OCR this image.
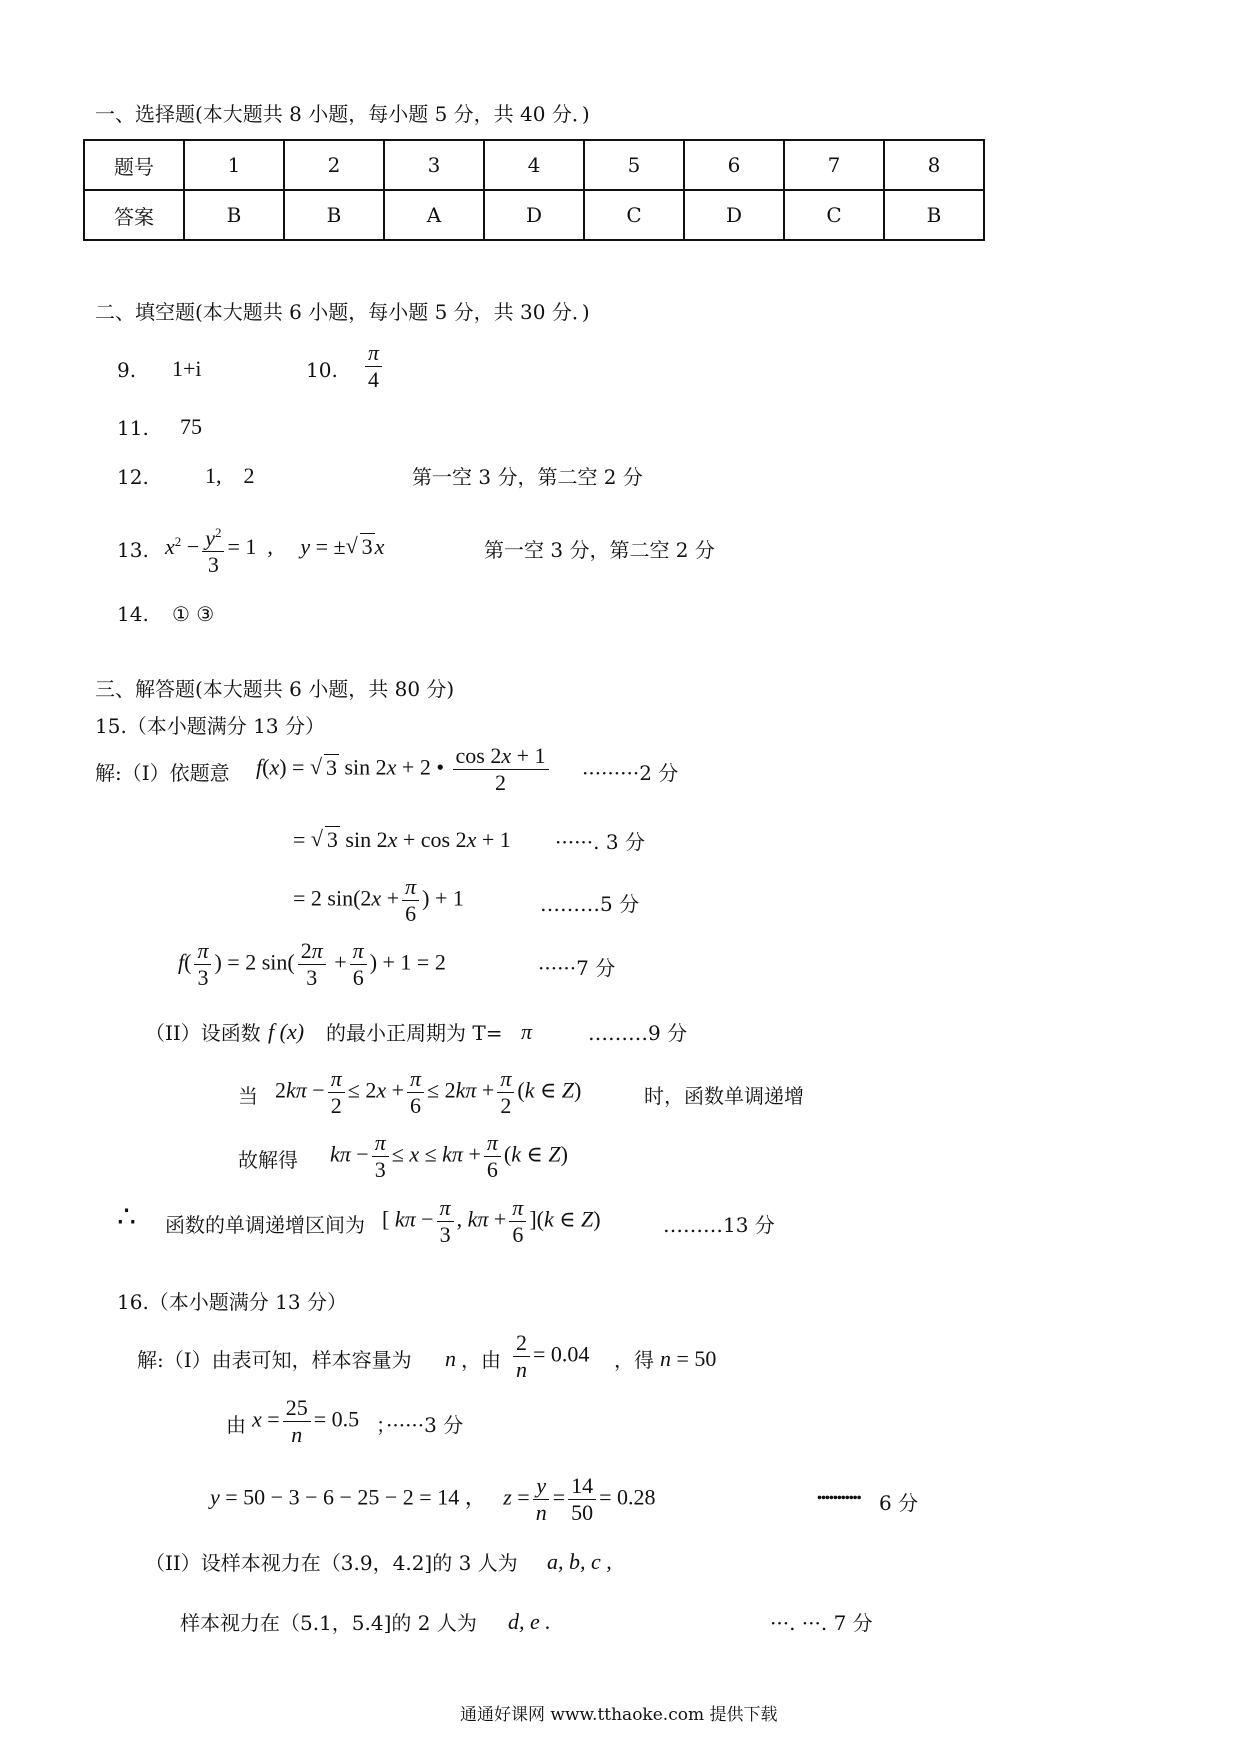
一、选择题(本大题共 8 小题，每小题 5 分，共 40 分．)
题号	1	2	3	4	5	6	7	8
答案	B	B	A	D	C	D	C	B
二、填空题(本大题共 6 小题，每小题 5 分，共 30 分．)
9. 1+i	10. $\frac{\pi}{4}$
11. 75
12.	1,　2	第一空 3 分，第二空 2 分
13. $x^2 - \frac{y^2}{3} = 1$  ,     y = ± √ 3x	第一空 3 分，第二空 2 分
14. ① ③
三、解答题(本大题共 6 小题，共 80 分)
15.（本小题满分 13 分）
解:（I）依题意 f(x) = √ 3 sin 2x + 2 • $\frac{\cos 2x + 1}{2} \cdot\cdot\cdot\cdot\cdot\cdot\cdot\cdot\cdot 2$ 分
= √ 3 sin 2x + cos 2x + 1 ······. 3 分
= 2 $\sin(2x + \frac{\pi}{6}$ ) + 1	………5 分
$f( \frac{\pi}{3}$ ) = 2 $\sin( \frac{2\pi}{3} + \frac{\pi}{6}$ ) + 1 = 2	······7 分
（II）设函数 f (x) 的最小正周期为 T= π	………9 分
当 $2k\pi - \frac{\pi}{2} \le 2x + \frac{\pi}{6} \le 2k\pi + \frac{\pi}{2} (k$ ∈ Z)	时，函数单调递增
故解得 $k\pi - \frac{\pi}{3} \le x \le k\pi + \frac{\pi}{6} (k$ ∈ Z)
∴ 函数的单调递增区间为 [ $k\pi - \frac{\pi}{3}$ , $k\pi + \frac{\pi}{6} ](k$ ∈ Z)	………13 分
16.（本小题满分 13 分）
解:（I）由表可知，样本容量为 n ，由 $\frac{2}{n} = 0.04$ ，得 n = 50
由 $x = \frac{25}{n} = 0.5$ ；······3 分
y = 50 − 3 − 6 − 25 − 2 = 14 ，   $z = \frac{y}{n} = \frac{14}{50} = 0.28$	........... 6 分
（II）设样本视力在（3.9，4.2]的 3 人为 a, b, c ,
样本视力在（5.1，5.4]的 2 人为 d, e .	···. ···. 7 分
通通好课网 www.tthaoke.com 提供下载
